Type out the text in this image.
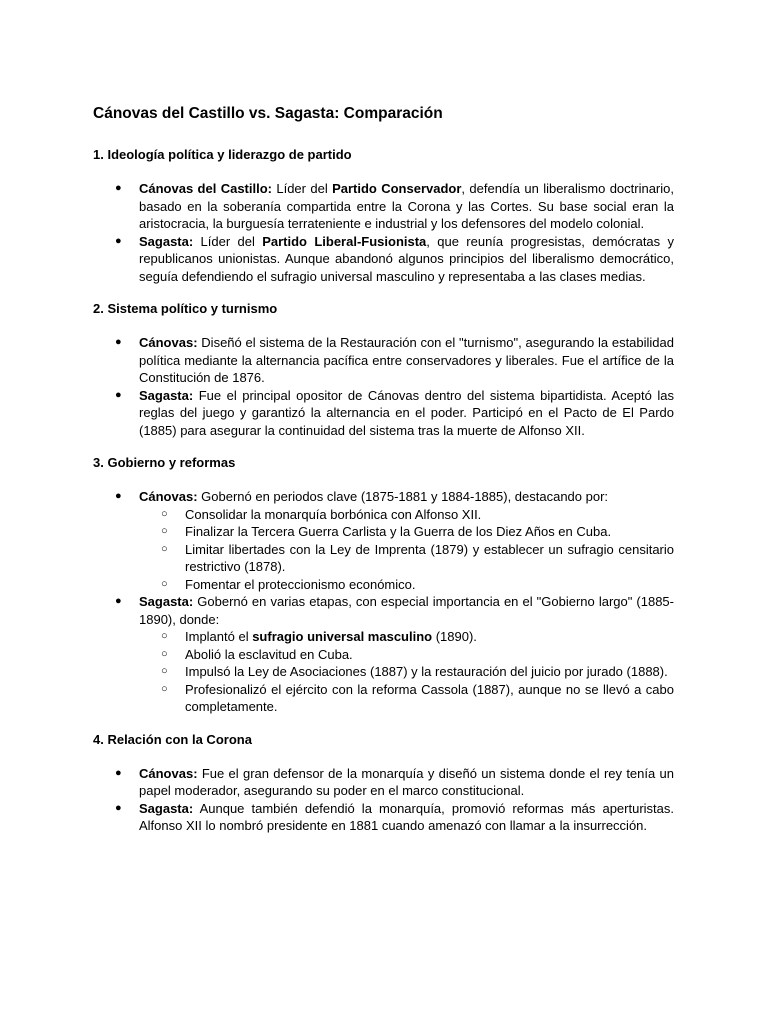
Cánovas del Castillo vs. Sagasta: Comparación
1. Ideología política y liderazgo de partido
● Cánovas del Castillo: Líder del Partido Conservador, defendía un liberalismo doctrinario, basado en la soberanía compartida entre la Corona y las Cortes. Su base social eran la aristocracia, la burguesía terrateniente e industrial y los defensores del modelo colonial.
● Sagasta: Líder del Partido Liberal-Fusionista, que reunía progresistas, demócratas y republicanos unionistas. Aunque abandonó algunos principios del liberalismo democrático, seguía defendiendo el sufragio universal masculino y representaba a las clases medias.
2. Sistema político y turnismo
● Cánovas: Diseñó el sistema de la Restauración con el "turnismo", asegurando la estabilidad política mediante la alternancia pacífica entre conservadores y liberales. Fue el artífice de la Constitución de 1876.
● Sagasta: Fue el principal opositor de Cánovas dentro del sistema bipartidista. Aceptó las reglas del juego y garantizó la alternancia en el poder. Participó en el Pacto de El Pardo (1885) para asegurar la continuidad del sistema tras la muerte de Alfonso XII.
3. Gobierno y reformas
● Cánovas: Gobernó en periodos clave (1875-1881 y 1884-1885), destacando por:
○ Consolidar la monarquía borbónica con Alfonso XII.
○ Finalizar la Tercera Guerra Carlista y la Guerra de los Diez Años en Cuba.
○ Limitar libertades con la Ley de Imprenta (1879) y establecer un sufragio censitario restrictivo (1878).
○ Fomentar el proteccionismo económico.
● Sagasta: Gobernó en varias etapas, con especial importancia en el "Gobierno largo" (1885-1890), donde:
○ Implantó el sufragio universal masculino (1890).
○ Abolió la esclavitud en Cuba.
○ Impulsó la Ley de Asociaciones (1887) y la restauración del juicio por jurado (1888).
○ Profesionalizó el ejército con la reforma Cassola (1887), aunque no se llevó a cabo completamente.
4. Relación con la Corona
● Cánovas: Fue el gran defensor de la monarquía y diseñó un sistema donde el rey tenía un papel moderador, asegurando su poder en el marco constitucional.
● Sagasta: Aunque también defendió la monarquía, promovió reformas más aperturistas. Alfonso XII lo nombró presidente en 1881 cuando amenazó con llamar a la insurrección.
